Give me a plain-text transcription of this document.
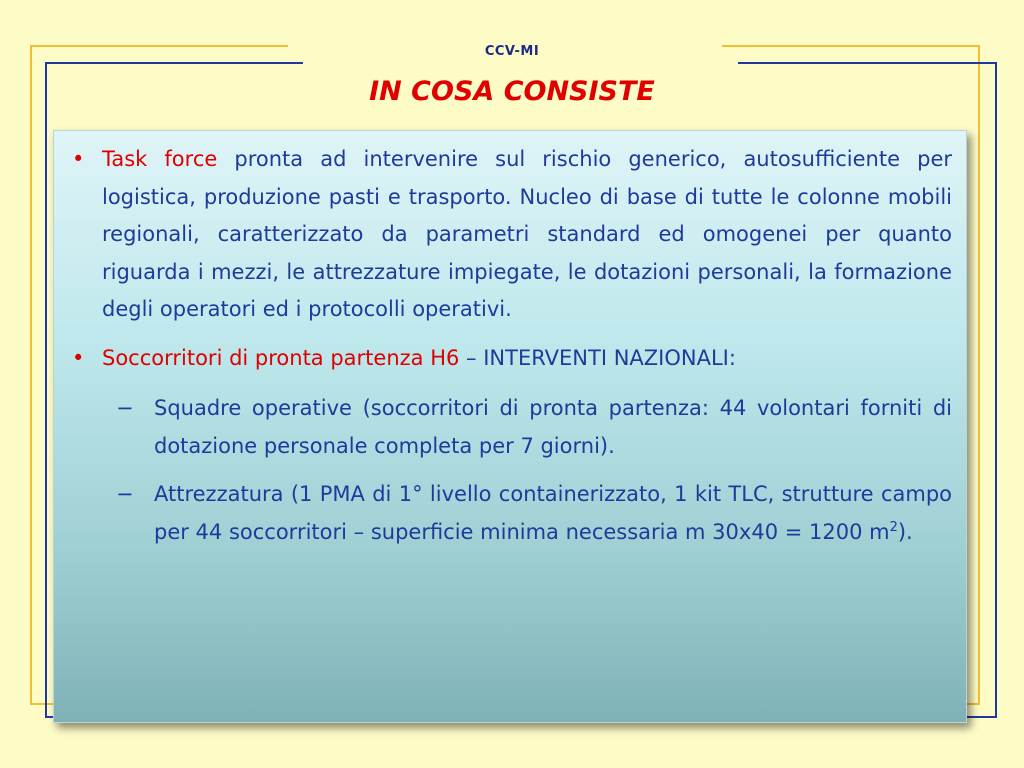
CCV-MI
IN COSA CONSISTE
• Task force pronta ad intervenire sul rischio generico, autosufficiente per logistica, produzione pasti e trasporto. Nucleo di base di tutte le colonne mobili regionali, caratterizzato da parametri standard ed omogenei per quanto riguarda i mezzi, le attrezzature impiegate, le dotazioni personali, la formazione degli operatori ed i protocolli operativi.
• Soccorritori di pronta partenza H6 – INTERVENTI NAZIONALI:
− Squadre operative (soccorritori di pronta partenza: 44 volontari forniti di dotazione personale completa per 7 giorni).
− Attrezzatura (1 PMA di 1° livello containerizzato, 1 kit TLC, strutture campo per 44 soccorritori – superficie minima necessaria m 30x40 = 1200 $m^2$).
